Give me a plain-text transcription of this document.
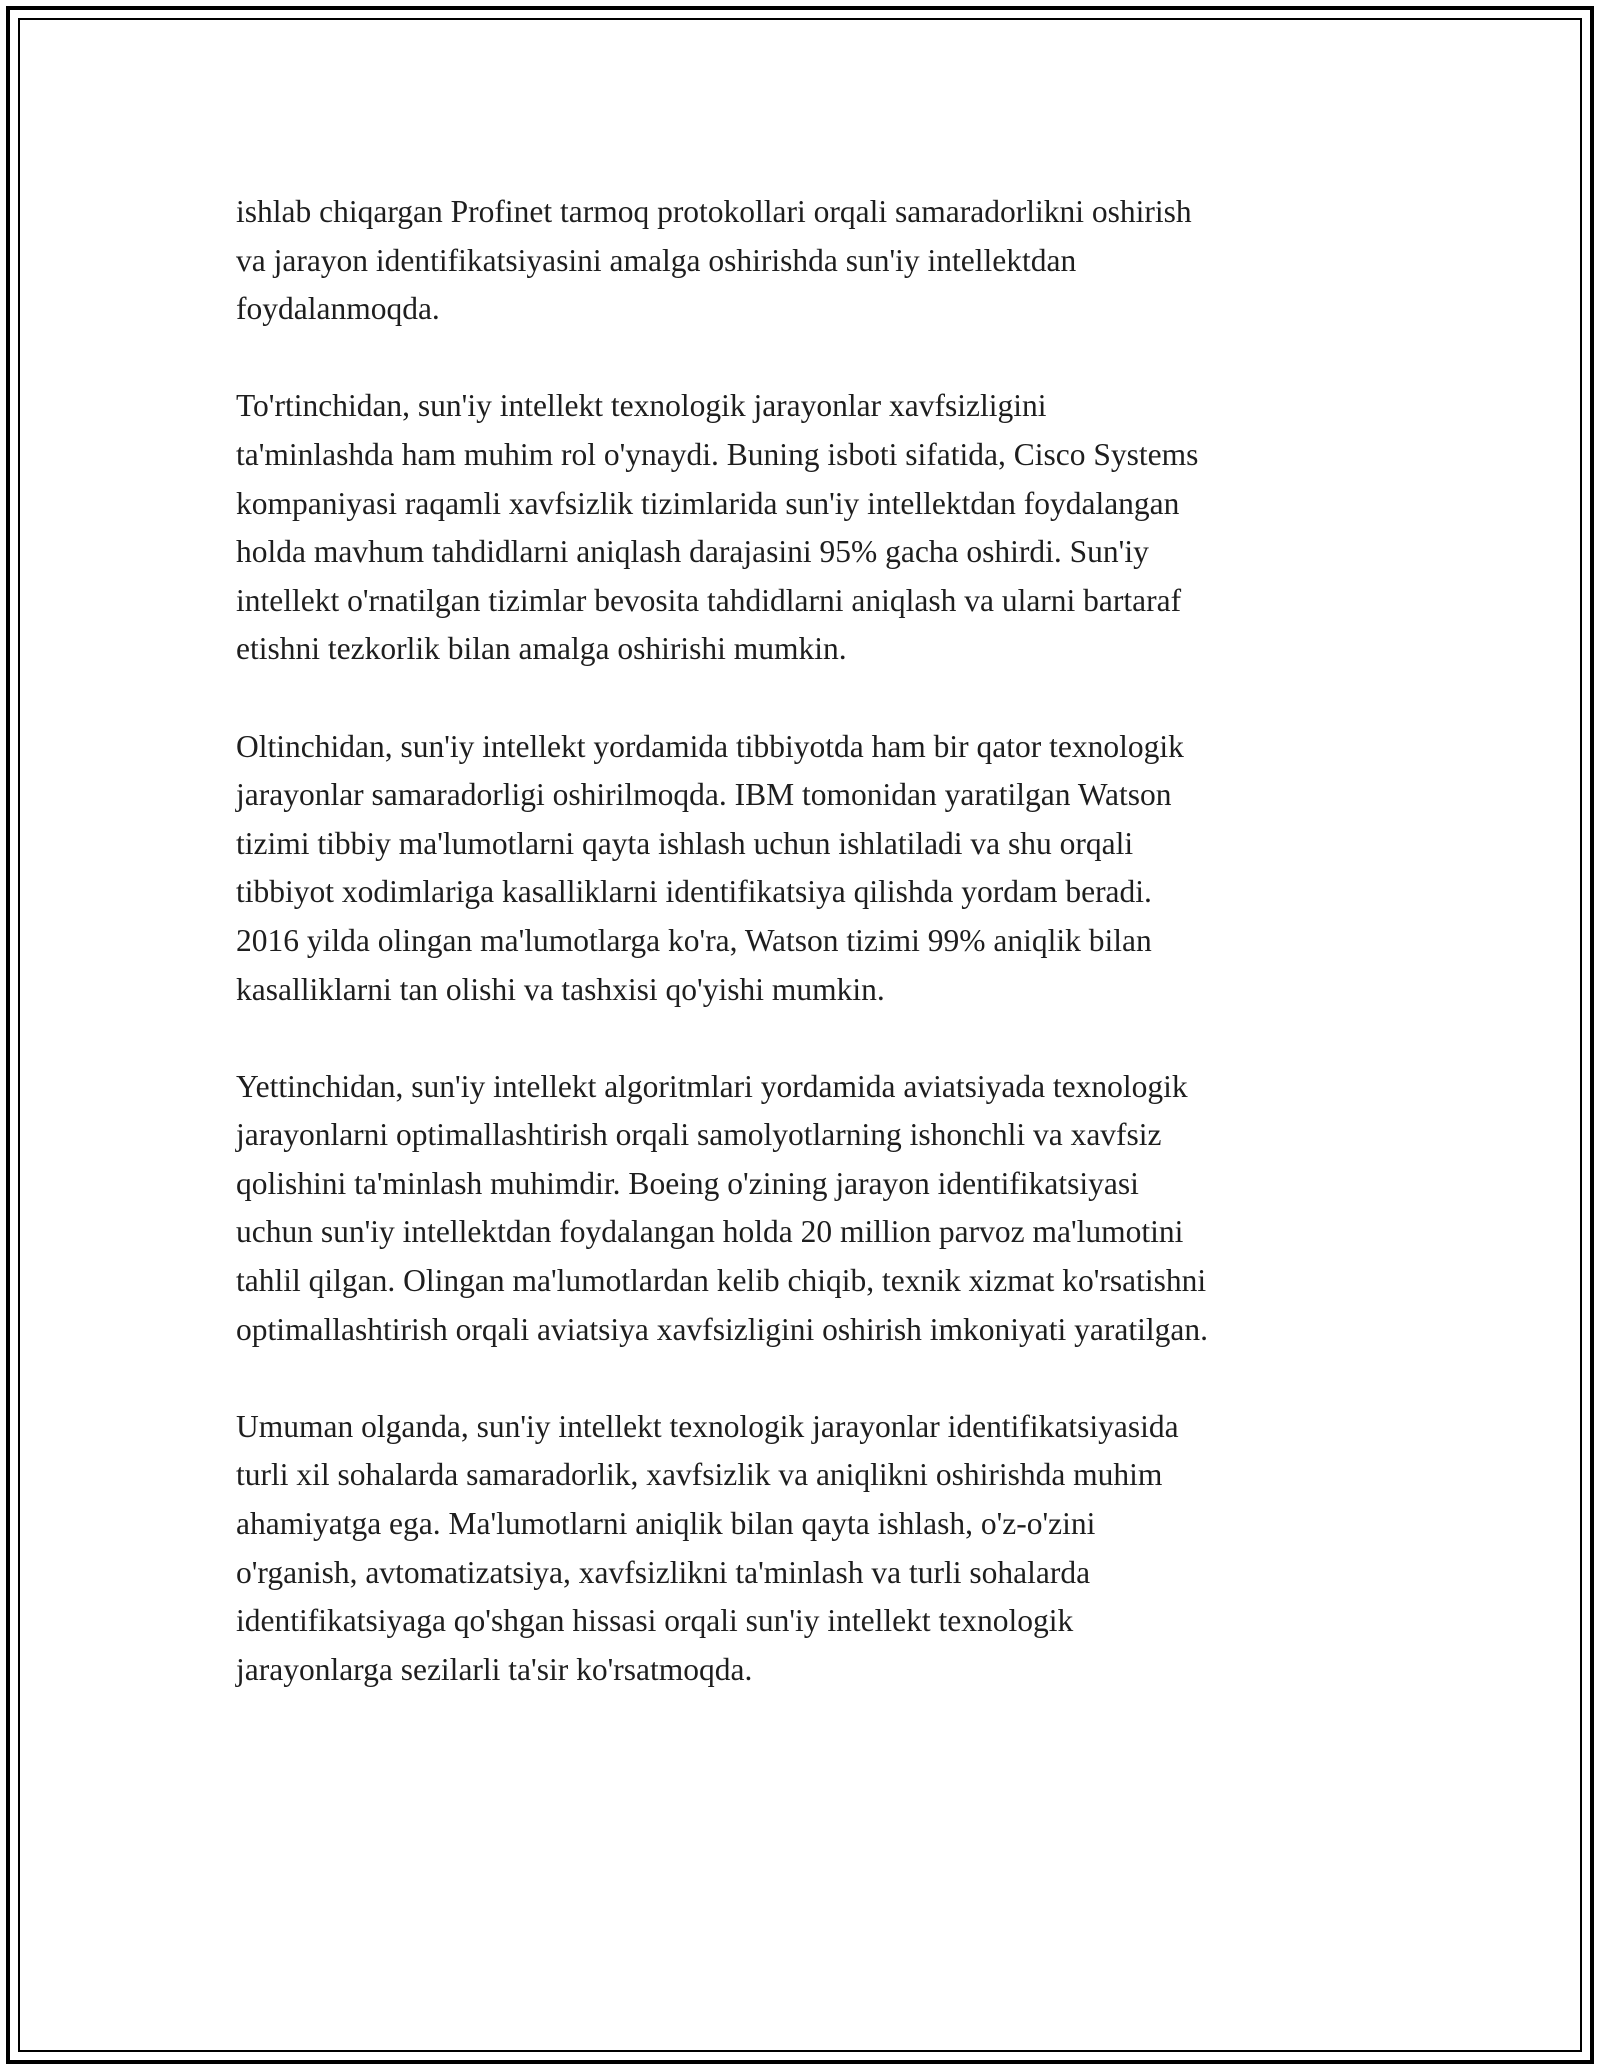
ishlab chiqargan Profinet tarmoq protokollari orqali samaradorlikni oshirish
va jarayon identifikatsiyasini amalga oshirishda sun'iy intellektdan
foydalanmoqda.

To'rtinchidan, sun'iy intellekt texnologik jarayonlar xavfsizligini
ta'minlashda ham muhim rol o'ynaydi. Buning isboti sifatida, Cisco Systems
kompaniyasi raqamli xavfsizlik tizimlarida sun'iy intellektdan foydalangan
holda mavhum tahdidlarni aniqlash darajasini 95% gacha oshirdi. Sun'iy
intellekt o'rnatilgan tizimlar bevosita tahdidlarni aniqlash va ularni bartaraf
etishni tezkorlik bilan amalga oshirishi mumkin.

Oltinchidan, sun'iy intellekt yordamida tibbiyotda ham bir qator texnologik
jarayonlar samaradorligi oshirilmoqda. IBM tomonidan yaratilgan Watson
tizimi tibbiy ma'lumotlarni qayta ishlash uchun ishlatiladi va shu orqali
tibbiyot xodimlariga kasalliklarni identifikatsiya qilishda yordam beradi.
2016 yilda olingan ma'lumotlarga ko'ra, Watson tizimi 99% aniqlik bilan
kasalliklarni tan olishi va tashxisi qo'yishi mumkin.

Yettinchidan, sun'iy intellekt algoritmlari yordamida aviatsiyada texnologik
jarayonlarni optimallashtirish orqali samolyotlarning ishonchli va xavfsiz
qolishini ta'minlash muhimdir. Boeing o'zining jarayon identifikatsiyasi
uchun sun'iy intellektdan foydalangan holda 20 million parvoz ma'lumotini
tahlil qilgan. Olingan ma'lumotlardan kelib chiqib, texnik xizmat ko'rsatishni
optimallashtirish orqali aviatsiya xavfsizligini oshirish imkoniyati yaratilgan.

Umuman olganda, sun'iy intellekt texnologik jarayonlar identifikatsiyasida
turli xil sohalarda samaradorlik, xavfsizlik va aniqlikni oshirishda muhim
ahamiyatga ega. Ma'lumotlarni aniqlik bilan qayta ishlash, o'z-o'zini
o'rganish, avtomatizatsiya, xavfsizlikni ta'minlash va turli sohalarda
identifikatsiyaga qo'shgan hissasi orqali sun'iy intellekt texnologik
jarayonlarga sezilarli ta'sir ko'rsatmoqda.
